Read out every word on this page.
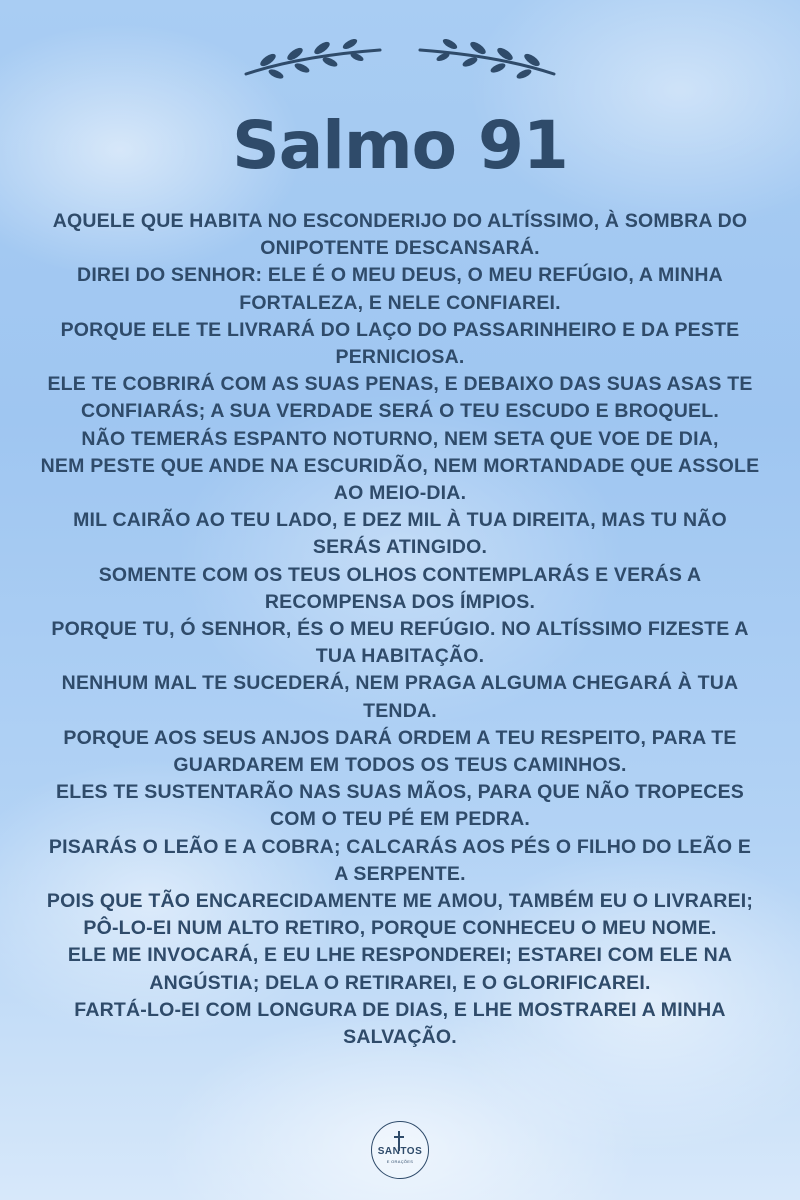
Salmo 91

AQUELE QUE HABITA NO ESCONDERIJO DO ALTÍSSIMO, À SOMBRA DO ONIPOTENTE DESCANSARÁ.

DIREI DO SENHOR: ELE É O MEU DEUS, O MEU REFÚGIO, A MINHA FORTALEZA, E NELE CONFIAREI.

PORQUE ELE TE LIVRARÁ DO LAÇO DO PASSARINHEIRO E DA PESTE PERNICIOSA.

ELE TE COBRIRÁ COM AS SUAS PENAS, E DEBAIXO DAS SUAS ASAS TE CONFIARÁS; A SUA VERDADE SERÁ O TEU ESCUDO E BROQUEL.

NÃO TEMERÁS ESPANTO NOTURNO, NEM SETA QUE VOE DE DIA,

NEM PESTE QUE ANDE NA ESCURIDÃO, NEM MORTANDADE QUE ASSOLE AO MEIO-DIA.

MIL CAIRÃO AO TEU LADO, E DEZ MIL À TUA DIREITA, MAS TU NÃO SERÁS ATINGIDO.

SOMENTE COM OS TEUS OLHOS CONTEMPLARÁS E VERÁS A RECOMPENSA DOS ÍMPIOS.

PORQUE TU, Ó SENHOR, ÉS O MEU REFÚGIO. NO ALTÍSSIMO FIZESTE A TUA HABITAÇÃO.

NENHUM MAL TE SUCEDERÁ, NEM PRAGA ALGUMA CHEGARÁ À TUA TENDA.

PORQUE AOS SEUS ANJOS DARÁ ORDEM A TEU RESPEITO, PARA TE GUARDAREM EM TODOS OS TEUS CAMINHOS.

ELES TE SUSTENTARÃO NAS SUAS MÃOS, PARA QUE NÃO TROPECES COM O TEU PÉ EM PEDRA.

PISARÁS O LEÃO E A COBRA; CALCARÁS AOS PÉS O FILHO DO LEÃO E A SERPENTE.

POIS QUE TÃO ENCARECIDAMENTE ME AMOU, TAMBÉM EU O LIVRAREI; PÔ-LO-EI NUM ALTO RETIRO, PORQUE CONHECEU O MEU NOME.

ELE ME INVOCARÁ, E EU LHE RESPONDEREI; ESTAREI COM ELE NA ANGÚSTIA; DELA O RETIRAREI, E O GLORIFICAREI.

FARTÁ-LO-EI COM LONGURA DE DIAS, E LHE MOSTRAREI A MINHA SALVAÇÃO.

SANTOS
E ORAÇÕES
